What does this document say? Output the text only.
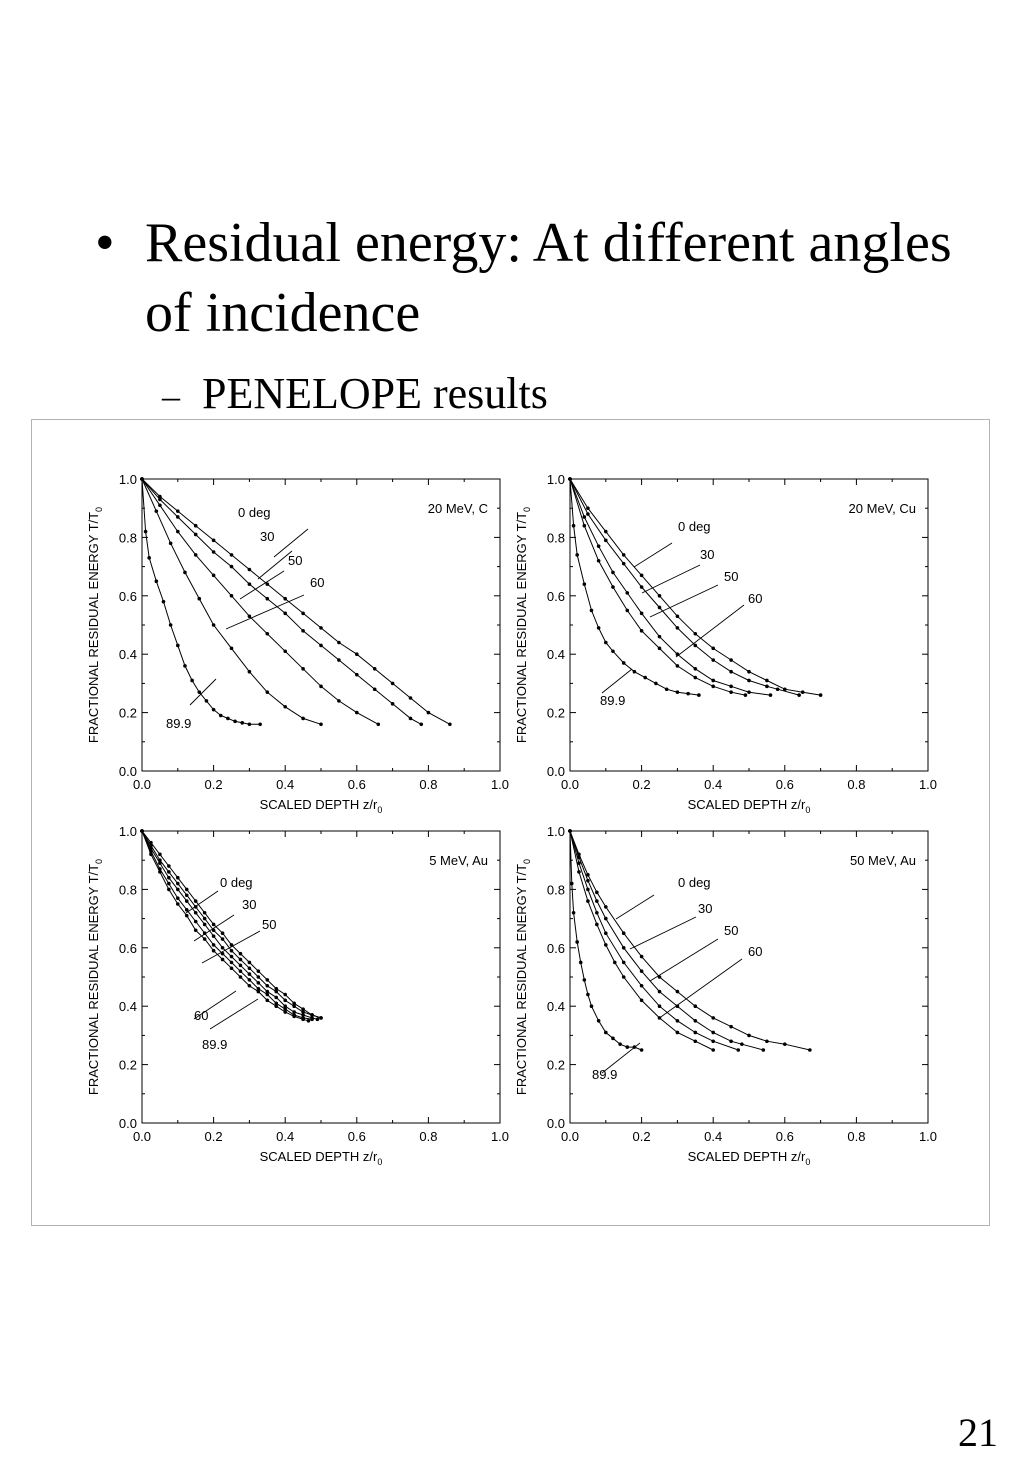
• Residual energy: At different angles of incidence
– PENELOPE results
0.0	0.2	0.4	0.6	0.8	1.0
0.0
0.2
0.4
0.6
0.8
1.0
SCALED DEPTH $z/r_0$
FRACTIONAL RESIDUAL ENERGY $T/T_0$	20 MeV, C
0 deg
30
50
60
89.9
0.0	0.2	0.4	0.6	0.8	1.0
0.0
0.2
0.4
0.6
0.8
1.0
SCALED DEPTH $z/r_0$
FRACTIONAL RESIDUAL ENERGY $T/T_0$	20 MeV, Cu
0 deg
30
50
60
89.9
0.0	0.2	0.4	0.6	0.8	1.0
0.0
0.2
0.4
0.6
0.8
1.0
SCALED DEPTH $z/r_0$
FRACTIONAL RESIDUAL ENERGY $T/T_0$	5 MeV, Au
0 deg
30
50
60
89.9
0.0	0.2	0.4	0.6	0.8	1.0
0.0
0.2
0.4
0.6
0.8
1.0
SCALED DEPTH $z/r_0$
FRACTIONAL RESIDUAL ENERGY $T/T_0$	50 MeV, Au
0 deg
30
50
60
89.9
21
